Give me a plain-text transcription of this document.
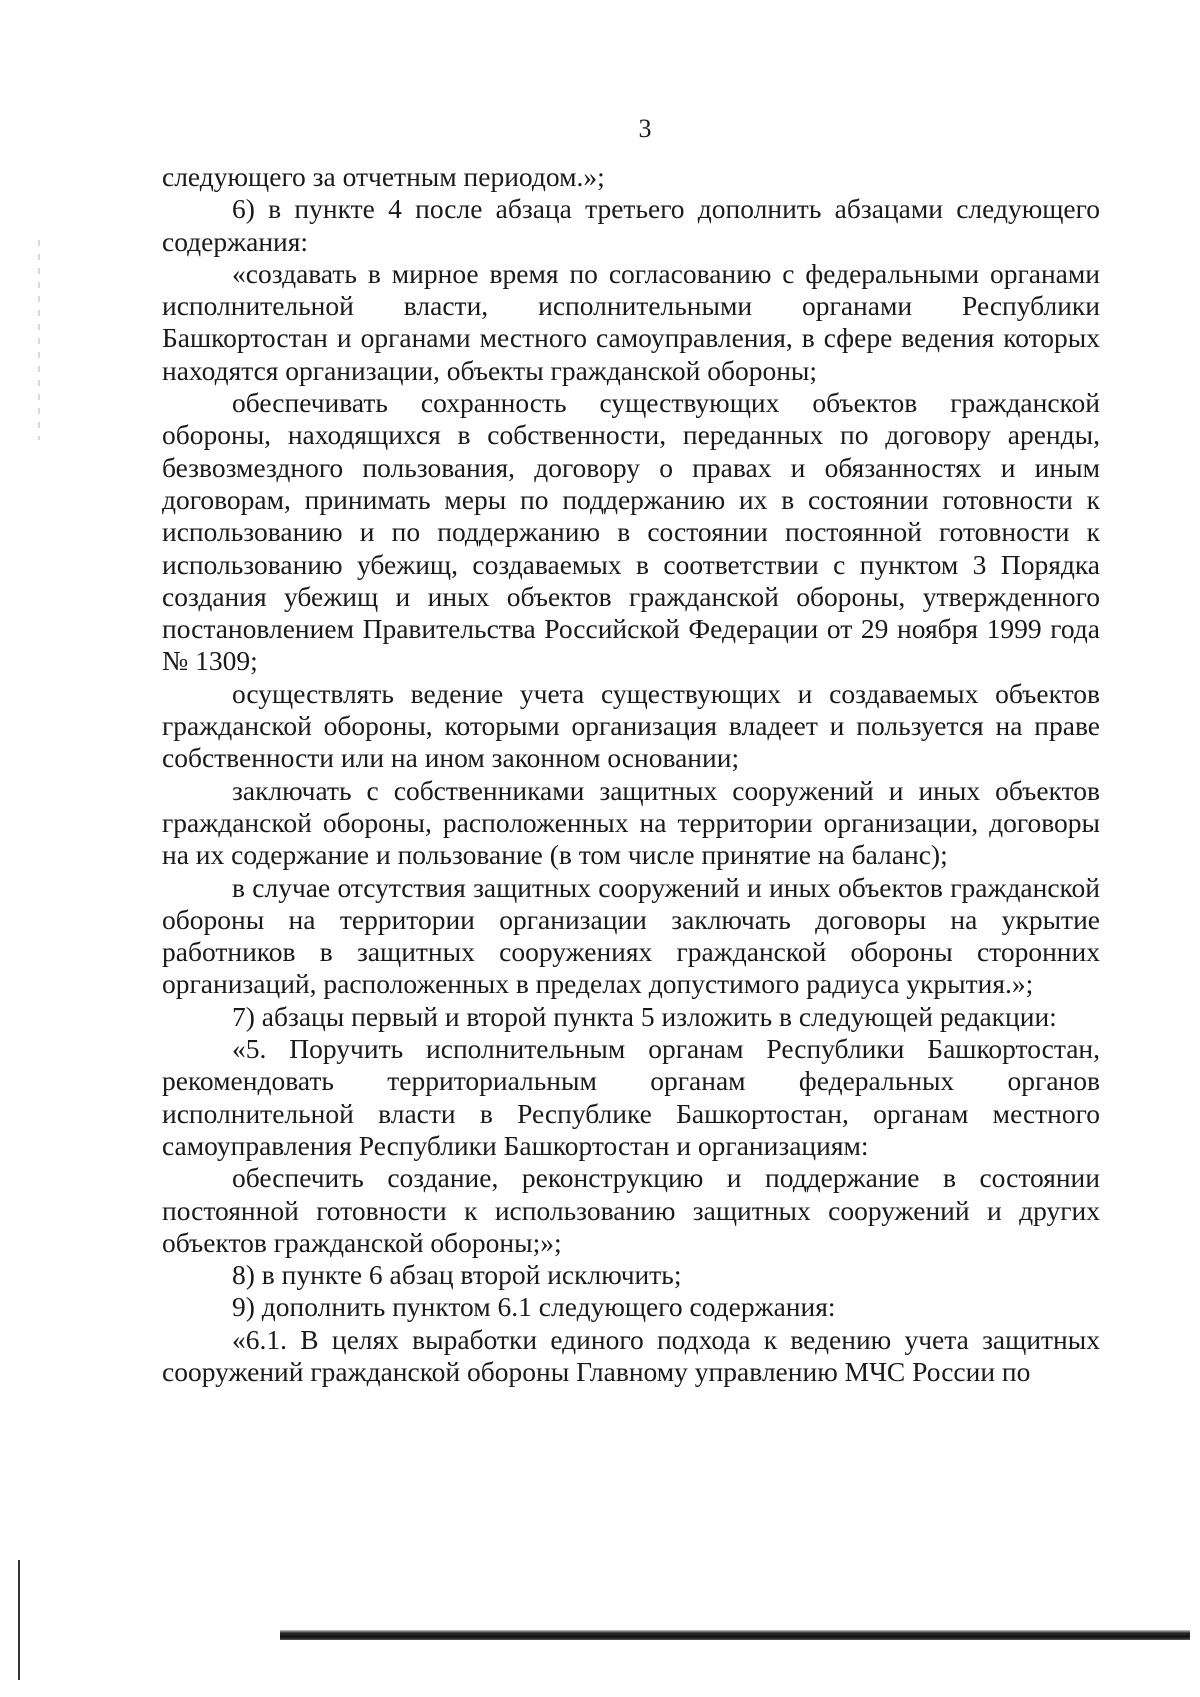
3

следующего за отчетным периодом.»;

6) в пункте 4 после абзаца третьего дополнить абзацами следующего содержания:

«создавать в мирное время по согласованию с федеральными органами исполнительной власти, исполнительными органами Республики Башкортостан и органами местного самоуправления, в сфере ведения которых находятся организации, объекты гражданской обороны;

обеспечивать сохранность существующих объектов гражданской обороны, находящихся в собственности, переданных по договору аренды, безвозмездного пользования, договору о правах и обязанностях и иным договорам, принимать меры по поддержанию их в состоянии готовности к использованию и по поддержанию в состоянии постоянной готовности к использованию убежищ, создаваемых в соответствии с пунктом 3 Порядка создания убежищ и иных объектов гражданской обороны, утвержденного постановлением Правительства Российской Федерации от 29 ноября 1999 года № 1309;

осуществлять ведение учета существующих и создаваемых объектов гражданской обороны, которыми организация владеет и пользуется на праве собственности или на ином законном основании;

заключать с собственниками защитных сооружений и иных объектов гражданской обороны, расположенных на территории организации, договоры на их содержание и пользование (в том числе принятие на баланс);

в случае отсутствия защитных сооружений и иных объектов гражданской обороны на территории организации заключать договоры на укрытие работников в защитных сооружениях гражданской обороны сторонних организаций, расположенных в пределах допустимого радиуса укрытия.»;

7) абзацы первый и второй пункта 5 изложить в следующей редакции:

«5. Поручить исполнительным органам Республики Башкортостан, рекомендовать территориальным органам федеральных органов исполнительной власти в Республике Башкортостан, органам местного самоуправления Республики Башкортостан и организациям:

обеспечить создание, реконструкцию и поддержание в состоянии постоянной готовности к использованию защитных сооружений и других объектов гражданской обороны;»;

8) в пункте 6 абзац второй исключить;

9) дополнить пунктом 6.1 следующего содержания:

«6.1. В целях выработки единого подхода к ведению учета защитных сооружений гражданской обороны Главному управлению МЧС России по
